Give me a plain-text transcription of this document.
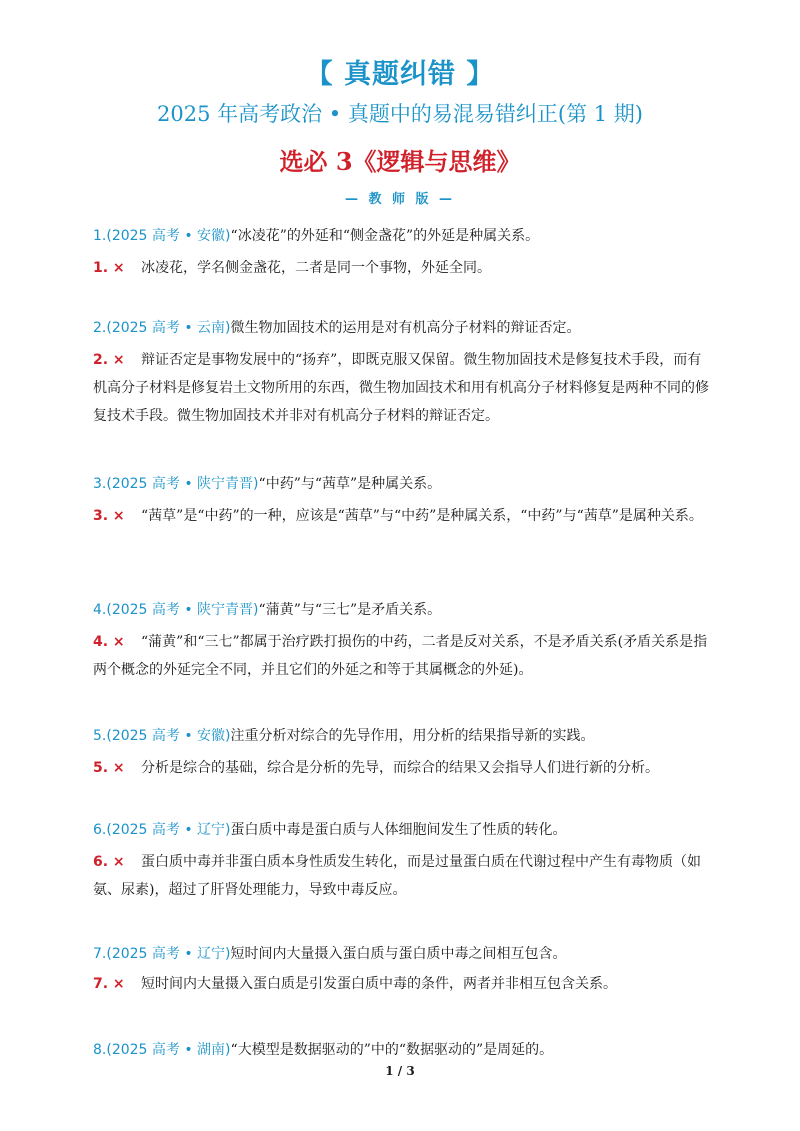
【 真题纠错 】
2025 年高考政治 • 真题中的易混易错纠正(第 1 期)
选必 3《逻辑与思维》
— 教 师 版 —
1.(2025 高考 • 安徽)“冰凌花”的外延和“侧金盏花”的外延是种属关系。
1. × 冰凌花，学名侧金盏花，二者是同一个事物，外延全同。
2.(2025 高考 • 云南)微生物加固技术的运用是对有机高分子材料的辩证否定。
2. × 辩证否定是事物发展中的“扬弃”，即既克服又保留。微生物加固技术是修复技术手段，而有机高分子材料是修复岩土文物所用的东西，微生物加固技术和用有机高分子材料修复是两种不同的修复技术手段。微生物加固技术并非对有机高分子材料的辩证否定。
3.(2025 高考 • 陕宁青晋)“中药”与“茜草”是种属关系。
3. × “茜草”是“中药”的一种，应该是“茜草”与“中药”是种属关系，“中药”与“茜草”是属种关系。
4.(2025 高考 • 陕宁青晋)“蒲黄”与“三七”是矛盾关系。
4. × “蒲黄”和“三七”都属于治疗跌打损伤的中药，二者是反对关系，不是矛盾关系(矛盾关系是指两个概念的外延完全不同，并且它们的外延之和等于其属概念的外延)。
5.(2025 高考 • 安徽)注重分析对综合的先导作用，用分析的结果指导新的实践。
5. × 分析是综合的基础，综合是分析的先导，而综合的结果又会指导人们进行新的分析。
6.(2025 高考 • 辽宁)蛋白质中毒是蛋白质与人体细胞间发生了性质的转化。
6. × 蛋白质中毒并非蛋白质本身性质发生转化，而是过量蛋白质在代谢过程中产生有毒物质（如氨、尿素)，超过了肝肾处理能力，导致中毒反应。
7.(2025 高考 • 辽宁)短时间内大量摄入蛋白质与蛋白质中毒之间相互包含。
7. × 短时间内大量摄入蛋白质是引发蛋白质中毒的条件，两者并非相互包含关系。
8.(2025 高考 • 湖南)“大模型是数据驱动的”中的“数据驱动的”是周延的。
1 / 3
